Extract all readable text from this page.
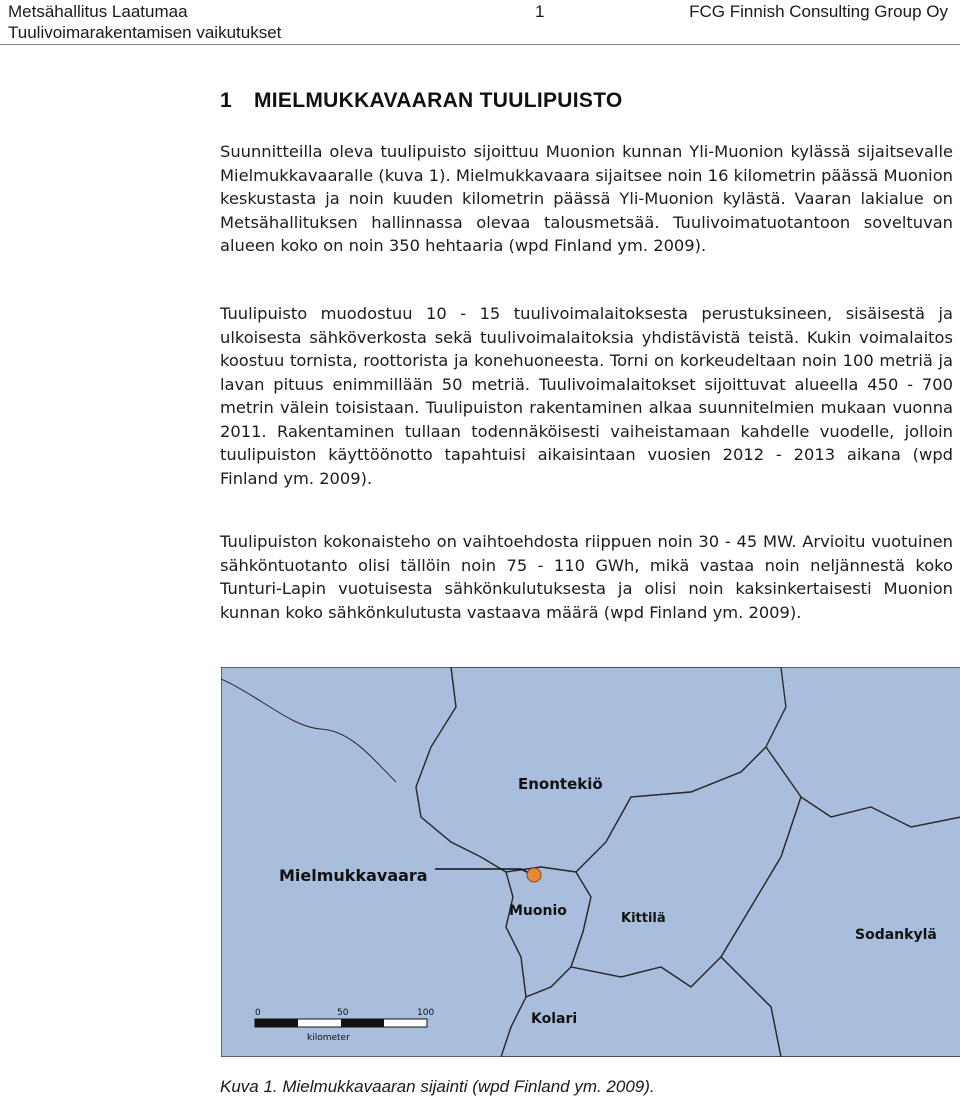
Metsähallitus Laatumaa
Tuulivoimarakentamisen vaikutukset
1	FCG Finnish Consulting Group Oy
1 MIELMUKKAVAARAN TUULIPUISTO

Suunnitteilla oleva tuulipuisto sijoittuu Muonion kunnan Yli-Muonion kylässä sijaitsevalle Mielmukkavaaralle (kuva 1). Mielmukkavaara sijaitsee noin 16 kilometrin päässä Muonion keskustasta ja noin kuuden kilometrin päässä Yli-Muonion kylästä. Vaaran lakialue on Metsähallituksen hallinnassa olevaa talousmetsää. Tuulivoimatuotantoon soveltuvan alueen koko on noin 350 hehtaaria (wpd Finland ym. 2009).

Tuulipuisto muodostuu 10 - 15 tuulivoimalaitoksesta perustuksineen, sisäisestä ja ulkoisesta sähköverkosta sekä tuulivoimalaitoksia yhdistävistä teistä. Kukin voimalaitos koostuu tornista, roottorista ja konehuoneesta. Torni on korkeudeltaan noin 100 metriä ja lavan pituus enimmillään 50 metriä. Tuulivoimalaitokset sijoittuvat alueella 450 - 700 metrin välein toisistaan. Tuulipuiston rakentaminen alkaa suunnitelmien mukaan vuonna 2011. Rakentaminen tullaan todennäköisesti vaiheistamaan kahdelle vuodelle, jolloin tuulipuiston käyttöönotto tapahtuisi aikaisintaan vuosien 2012 - 2013 aikana (wpd Finland ym. 2009).

Tuulipuiston kokonaisteho on vaihtoehdosta riippuen noin 30 - 45 MW. Arvioitu vuotuinen sähköntuotanto olisi tällöin noin 75 - 110 GWh, mikä vastaa noin neljännestä koko Tunturi-Lapin vuotuisesta sähkönkulutuksesta ja olisi noin kaksinkertaisesti Muonion kunnan koko sähkönkulutusta vastaava määrä (wpd Finland ym. 2009).

Enontekiö
Mielmukkavaara
Muonio	Kittilä
Sodankylä
Kolari
0	50	100
kilometer

Kuva 1. Mielmukkavaaran sijainti (wpd Finland ym. 2009).
